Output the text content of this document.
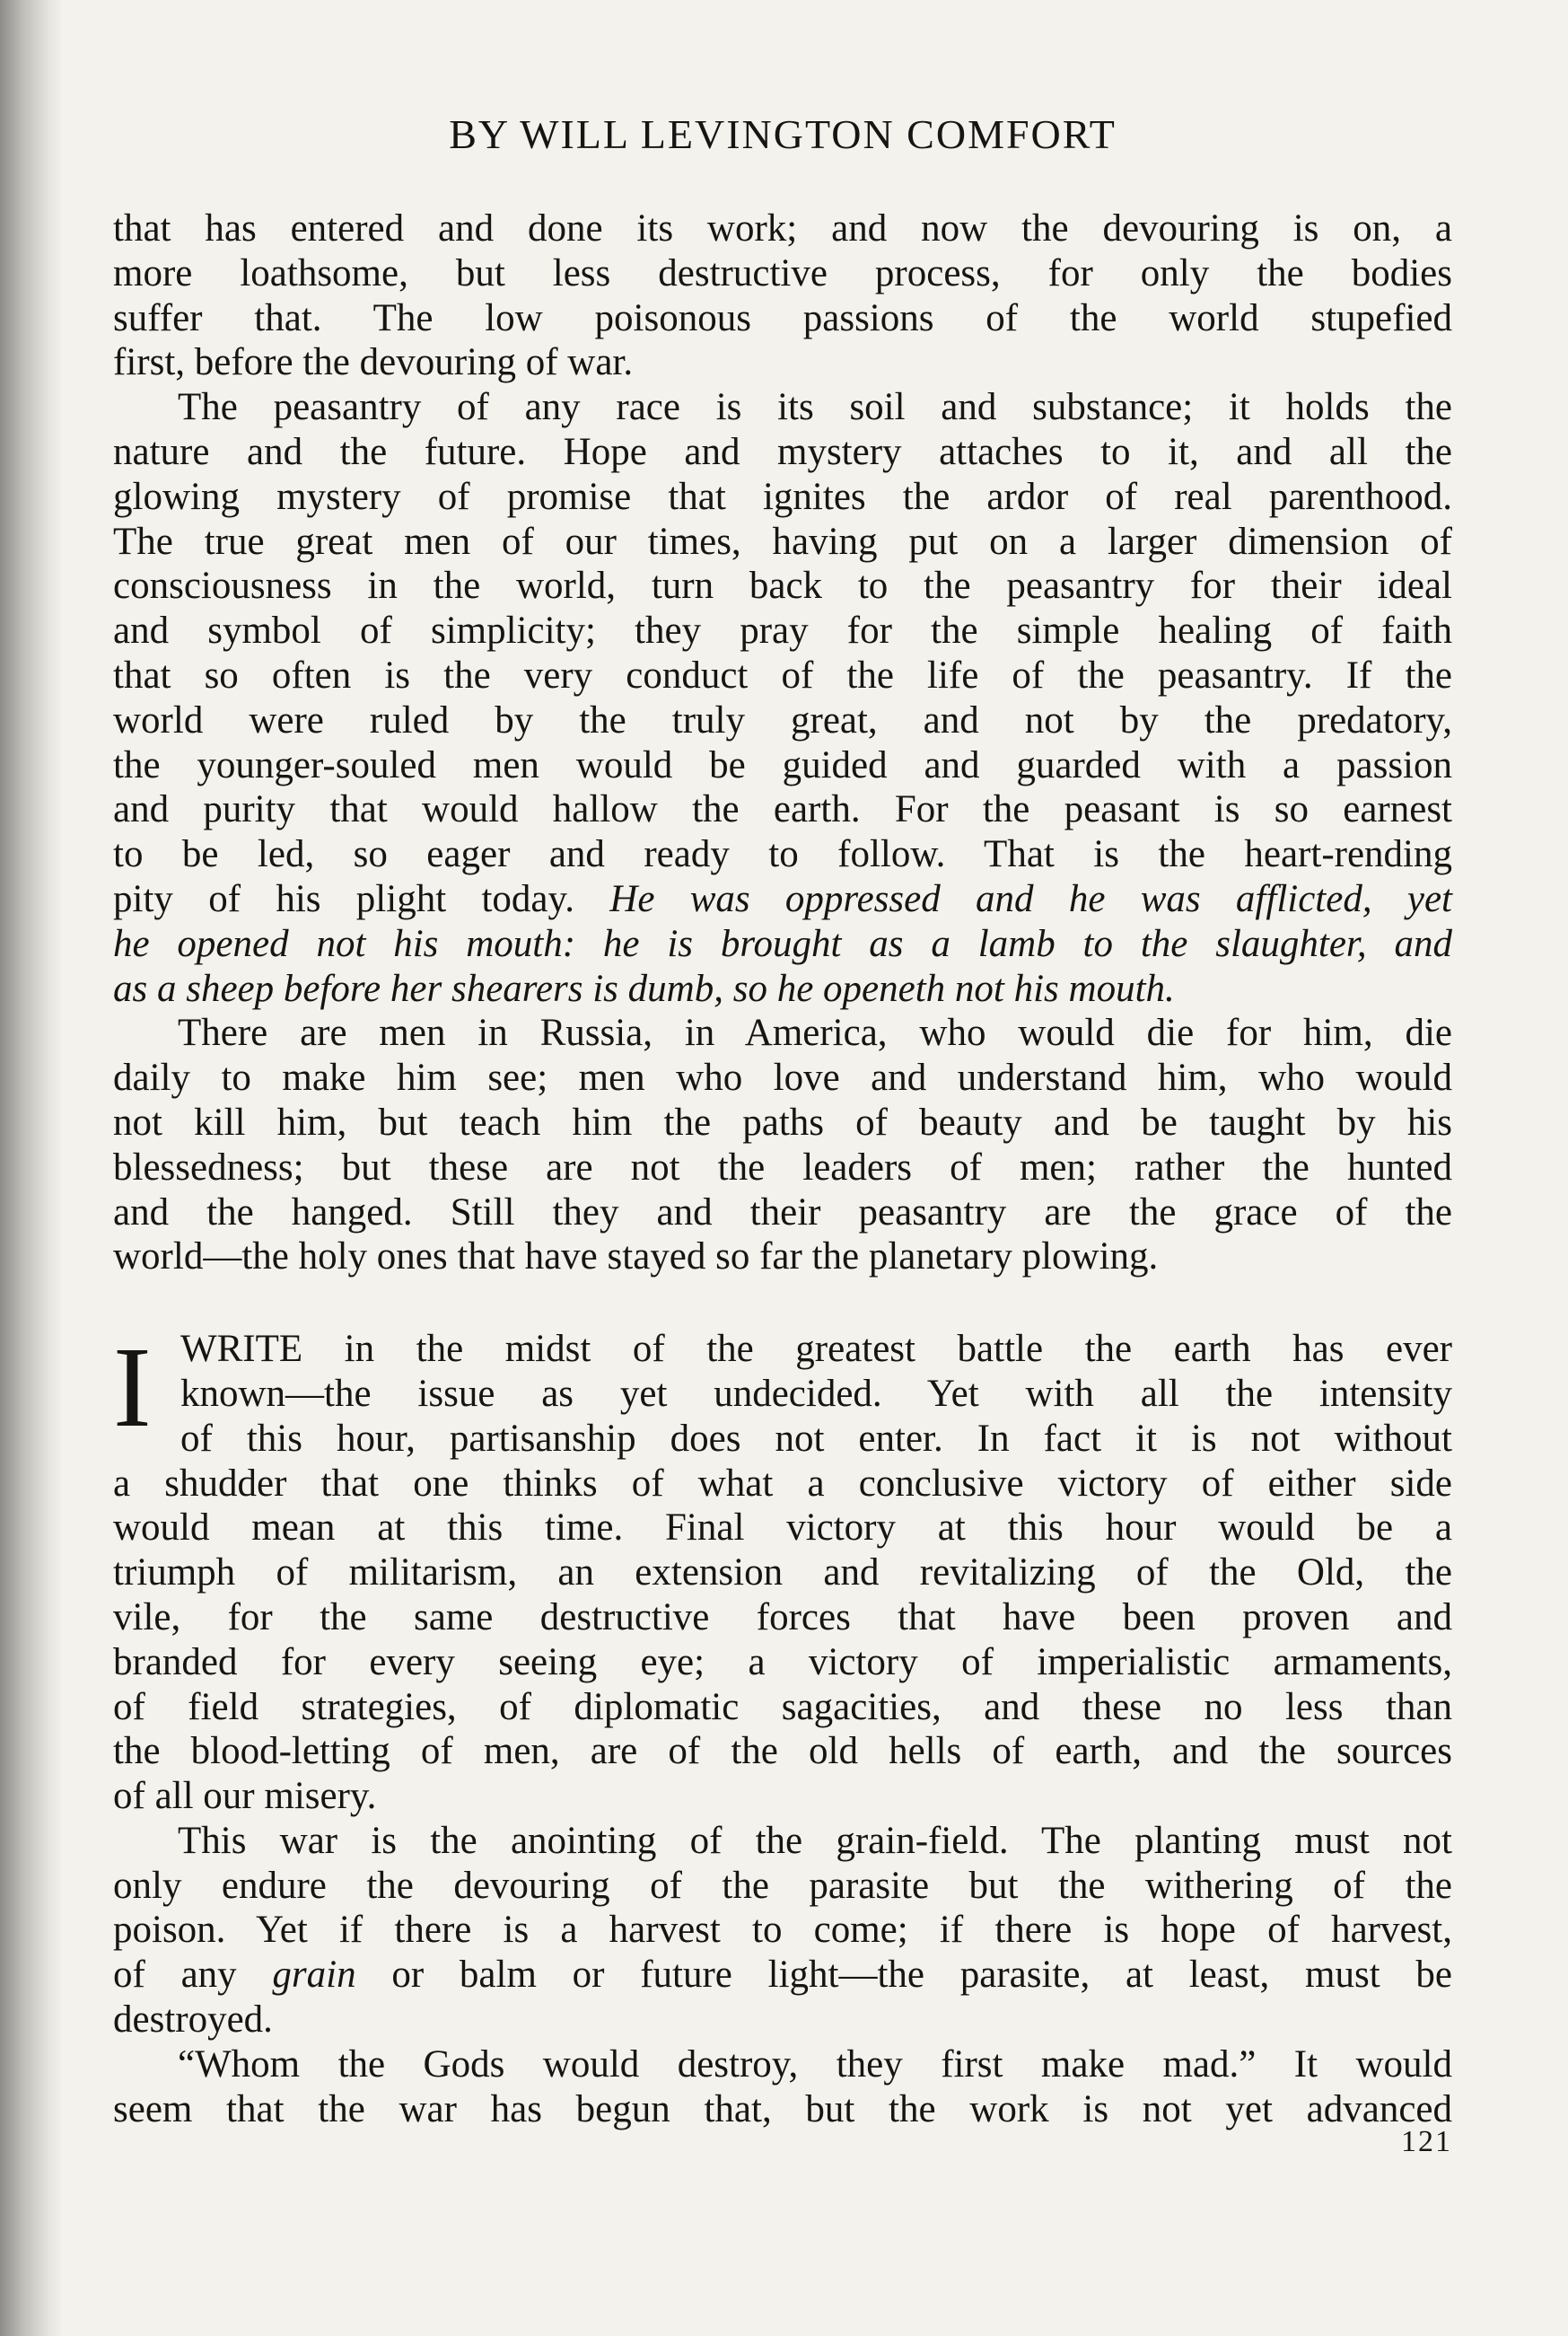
BY WILL LEVINGTON COMFORT
that has entered and done its work; and now the devouring is on, a
more loathsome, but less destructive process, for only the bodies
suffer that. The low poisonous passions of the world stupefied
first, before the devouring of war.
The peasantry of any race is its soil and substance; it holds the
nature and the future. Hope and mystery attaches to it, and all the
glowing mystery of promise that ignites the ardor of real parenthood.
The true great men of our times, having put on a larger dimension of
consciousness in the world, turn back to the peasantry for their ideal
and symbol of simplicity; they pray for the simple healing of faith
that so often is the very conduct of the life of the peasantry. If the
world were ruled by the truly great, and not by the predatory,
the younger-souled men would be guided and guarded with a passion
and purity that would hallow the earth. For the peasant is so earnest
to be led, so eager and ready to follow. That is the heart-rending
pity of his plight today. He was oppressed and he was afflicted, yet
he opened not his mouth: he is brought as a lamb to the slaughter, and
as a sheep before her shearers is dumb, so he openeth not his mouth.
There are men in Russia, in America, who would die for him, die
daily to make him see; men who love and understand him, who would
not kill him, but teach him the paths of beauty and be taught by his
blessedness; but these are not the leaders of men; rather the hunted
and the hanged. Still they and their peasantry are the grace of the
world—the holy ones that have stayed so far the planetary plowing.
I WRITE in the midst of the greatest battle the earth has ever
known—the issue as yet undecided. Yet with all the intensity
of this hour, partisanship does not enter. In fact it is not without
a shudder that one thinks of what a conclusive victory of either side
would mean at this time. Final victory at this hour would be a
triumph of militarism, an extension and revitalizing of the Old, the
vile, for the same destructive forces that have been proven and
branded for every seeing eye; a victory of imperialistic armaments,
of field strategies, of diplomatic sagacities, and these no less than
the blood-letting of men, are of the old hells of earth, and the sources
of all our misery.
This war is the anointing of the grain-field. The planting must not
only endure the devouring of the parasite but the withering of the
poison. Yet if there is a harvest to come; if there is hope of harvest,
of any grain or balm or future light—the parasite, at least, must be
destroyed.
“Whom the Gods would destroy, they first make mad.” It would
seem that the war has begun that, but the work is not yet advanced
121
